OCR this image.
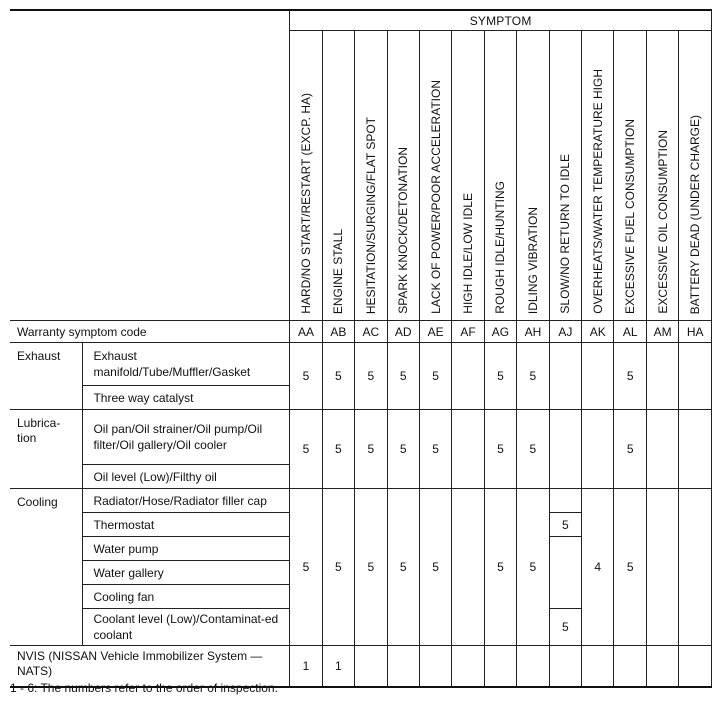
		SYMPTOM												

		HARD/NO START/RESTART (EXCP. HA)	ENGINE STALL	HESITATION/SURGING/FLAT SPOT	SPARK KNOCK/DETONATION	LACK OF POWER/POOR ACCELERATION	HIGH IDLE/LOW IDLE	ROUGH IDLE/HUNTING	IDLING VIBRATION	SLOW/NO RETURN TO IDLE	OVERHEATS/WATER TEMPERATURE HIGH	EXCESSIVE FUEL CONSUMPTION	EXCESSIVE OIL CONSUMPTION	BATTERY DEAD (UNDER CHARGE)

Warranty symptom code		AA	AB	AC	AD	AE	AF	AG	AH	AJ	AK	AL	AM	HA
Exhaust	Exhaust manifold/Tube/Muffler/Gasket	5	5	5	5	5		5	5			5		
	Three way catalyst													
Lubrica-tion	Oil pan/Oil strainer/Oil pump/Oil filter/Oil gallery/Oil cooler	5	5	5	5	5		5	5			5		
	Oil level (Low)/Filthy oil													
Cooling	Radiator/Hose/Radiator filler cap	5	5	5	5	5		5	5		4	5		
	Thermostat									5				
	Water pump													
	Water gallery													
	Cooling fan													
	Coolant level (Low)/Contaminat-ed coolant									5				
NVIS (NISSAN Vehicle Immobilizer System — NATS)		1	1											
1 - 6: The numbers refer to the order of inspection.
